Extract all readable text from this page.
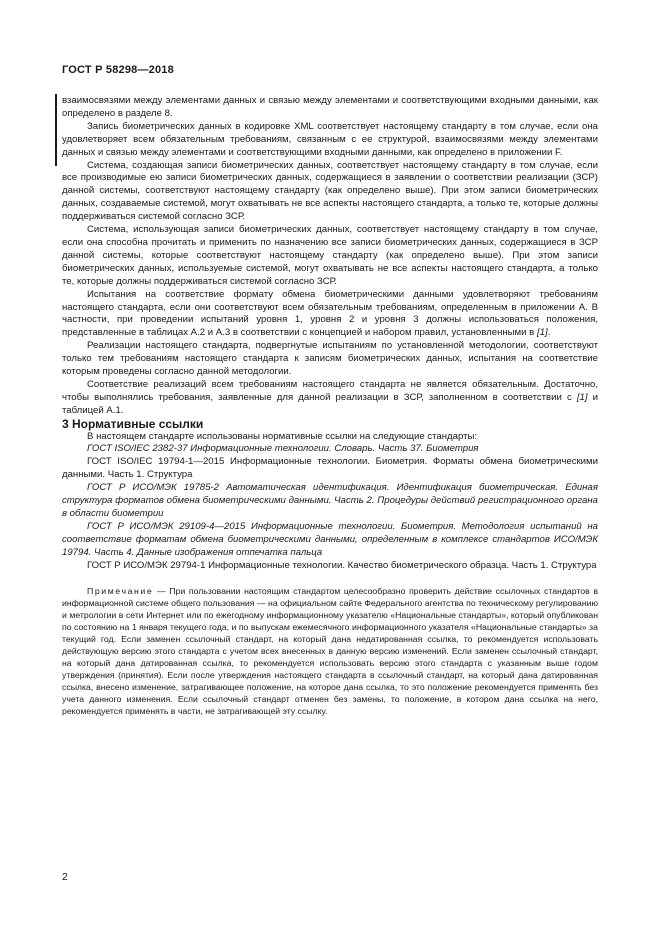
ГОСТ Р 58298—2018

взаимосвязями между элементами данных и связью между элементами и соответствующими входными данными, как определено в разделе 8.

Запись биометрических данных в кодировке XML соответствует настоящему стандарту в том случае, если она удовлетворяет всем обязательным требованиям, связанным с ее структурой, взаимосвязями между элементами данных и связью между элементами и соответствующими входными данными, как определено в приложении F.

Система, создающая записи биометрических данных, соответствует настоящему стандарту в том случае, если все производимые ею записи биометрических данных, содержащиеся в заявлении о соответствии реализации (ЗСР) данной системы, соответствуют настоящему стандарту (как определено выше). При этом записи биометрических данных, создаваемые системой, могут охватывать не все аспекты настоящего стандарта, а только те, которые должны поддерживаться системой согласно ЗСР.

Система, использующая записи биометрических данных, соответствует настоящему стандарту в том случае, если она способна прочитать и применить по назначению все записи биометрических данных, содержащиеся в ЗСР данной системы, которые соответствуют настоящему стандарту (как определено выше). При этом записи биометрических данных, используемые системой, могут охватывать не все аспекты настоящего стандарта, а только те, которые должны поддерживаться системой согласно ЗСР.

Испытания на соответствие формату обмена биометрическими данными удовлетворяют требованиям настоящего стандарта, если они соответствуют всем обязательным требованиям, определенным в приложении А. В частности, при проведении испытаний уровня 1, уровня 2 и уровня 3 должны использоваться положения, представленные в таблицах А.2 и А.3 в соответствии с концепцией и набором правил, установленными в [1].

Реализации настоящего стандарта, подвергнутые испытаниям по установленной методологии, соответствуют только тем требованиям настоящего стандарта к записям биометрических данных, испытания на соответствие которым проведены согласно данной методологии.

Соответствие реализаций всем требованиям настоящего стандарта не является обязательным. Достаточно, чтобы выполнялись требования, заявленные для данной реализации в ЗСР, заполненном в соответствии с [1] и таблицей А.1.

3 Нормативные ссылки

В настоящем стандарте использованы нормативные ссылки на следующие стандарты:

ГОСТ ISO/IEC 2382-37 Информационные технологии. Словарь. Часть 37. Биометрия

ГОСТ ISO/IEC 19794-1—2015 Информационные технологии. Биометрия. Форматы обмена биометрическими данными. Часть 1. Структура

ГОСТ Р ИСО/МЭК 19785-2 Автоматическая идентификация. Идентификация биометрическая. Единая структура форматов обмена биометрическими данными. Часть 2. Процедуры действий регистрационного органа в области биометрии

ГОСТ Р ИСО/МЭК 29109-4—2015 Информационные технологии. Биометрия. Методология испытаний на соответствие форматам обмена биометрическими данными, определенным в комплексе стандартов ИСО/МЭК 19794. Часть 4. Данные изображения отпечатка пальца

ГОСТ Р ИСО/МЭК 29794-1 Информационные технологии. Качество биометрического образца. Часть 1. Структура

Примечание — При пользовании настоящим стандартом целесообразно проверить действие ссылочных стандартов в информационной системе общего пользования — на официальном сайте Федерального агентства по техническому регулированию и метрологии в сети Интернет или по ежегодному информационному указателю «Национальные стандарты», который опубликован по состоянию на 1 января текущего года, и по выпускам ежемесячного информационного указателя «Национальные стандарты» за текущий год. Если заменен ссылочный стандарт, на который дана недатированная ссылка, то рекомендуется использовать действующую версию этого стандарта с учетом всех внесенных в данную версию изменений. Если заменен ссылочный стандарт, на который дана датированная ссылка, то рекомендуется использовать версию этого стандарта с указанным выше годом утверждения (принятия). Если после утверждения настоящего стандарта в ссылочный стандарт, на который дана датированная ссылка, внесено изменение, затрагивающее положение, на которое дана ссылка, то это положение рекомендуется применять без учета данного изменения. Если ссылочный стандарт отменен без замены, то положение, в котором дана ссылка на него, рекомендуется применять в части, не затрагивающей эту ссылку.

2
